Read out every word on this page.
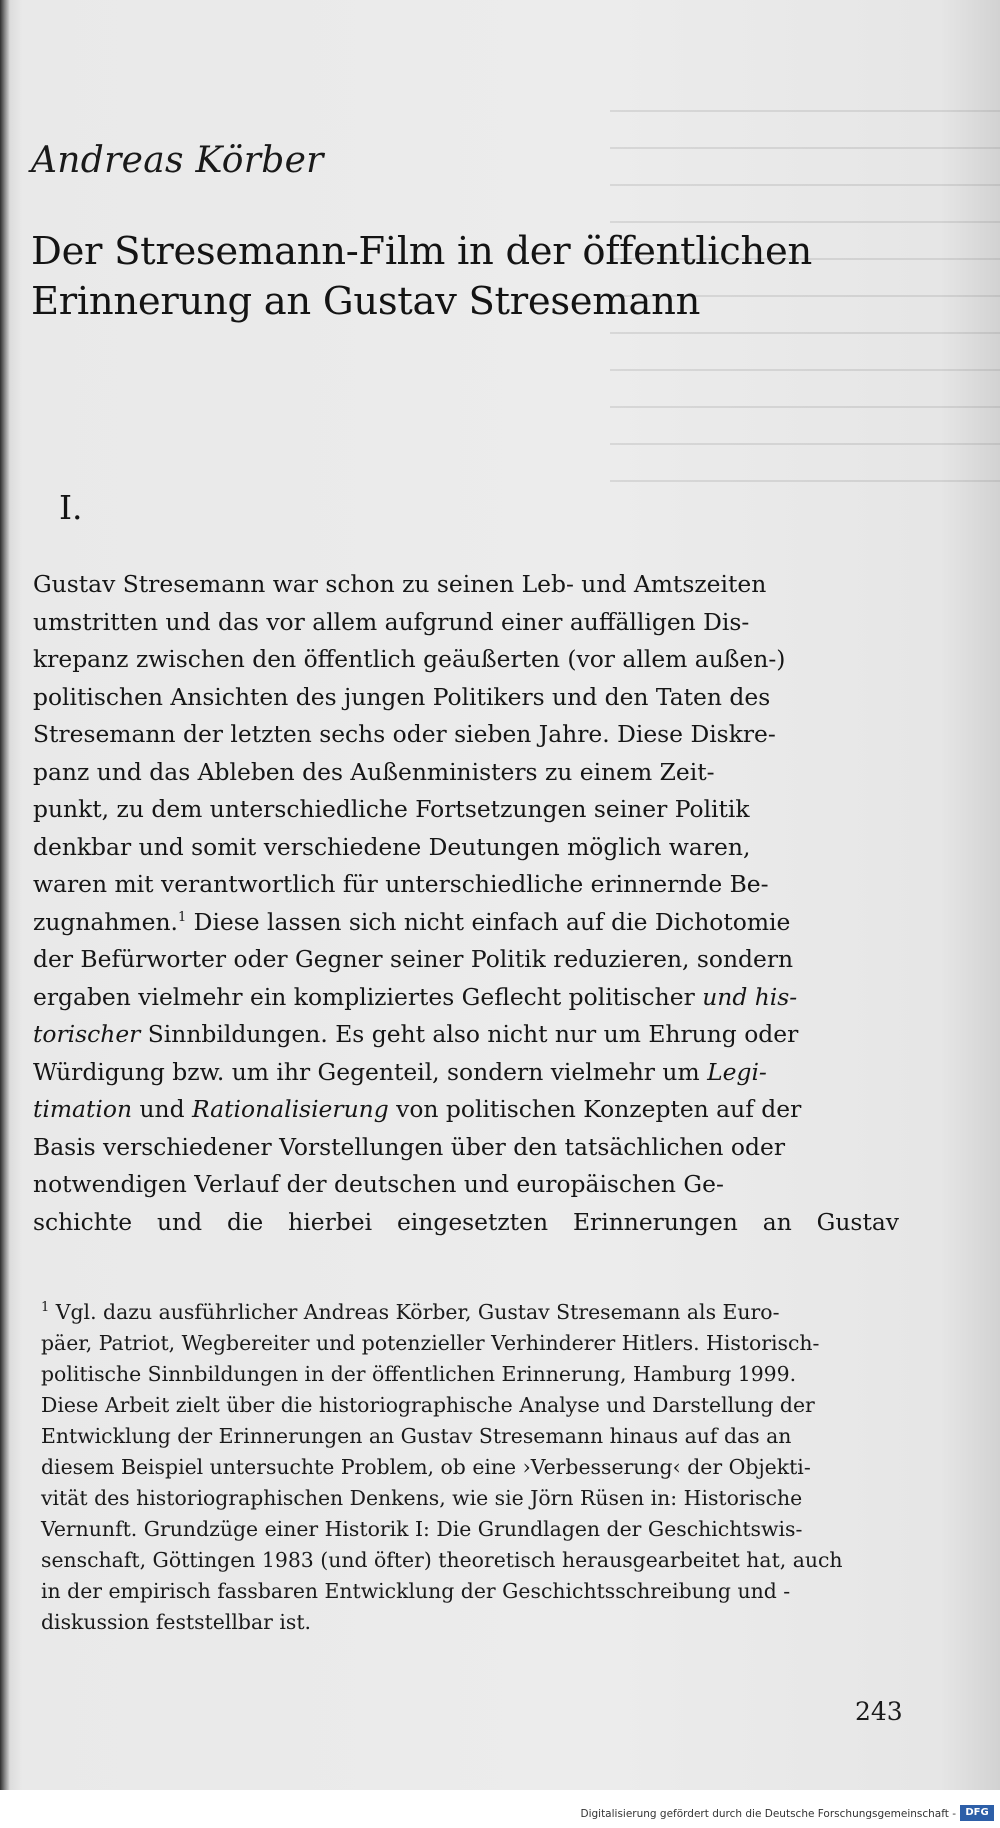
Andreas Körber

Der Stresemann-Film in der öffentlichen
Erinnerung an Gustav Stresemann

I.

Gustav Stresemann war schon zu seinen Leb- und Amtszeiten
umstritten und das vor allem aufgrund einer auffälligen Dis-
krepanz zwischen den öffentlich geäußerten (vor allem außen-)
politischen Ansichten des jungen Politikers und den Taten des
Stresemann der letzten sechs oder sieben Jahre. Diese Diskre-
panz und das Ableben des Außenministers zu einem Zeit-
punkt, zu dem unterschiedliche Fortsetzungen seiner Politik
denkbar und somit verschiedene Deutungen möglich waren,
waren mit verantwortlich für unterschiedliche erinnernde Be-
zugnahmen.$^1$ Diese lassen sich nicht einfach auf die Dichotomie
der Befürworter oder Gegner seiner Politik reduzieren, sondern
ergaben vielmehr ein kompliziertes Geflecht politischer und his-
torischer Sinnbildungen. Es geht also nicht nur um Ehrung oder
Würdigung bzw. um ihr Gegenteil, sondern vielmehr um Legi-
timation und Rationalisierung von politischen Konzepten auf der
Basis verschiedener Vorstellungen über den tatsächlichen oder
notwendigen Verlauf der deutschen und europäischen Ge-
schichte und die hierbei eingesetzten Erinnerungen an Gustav
$^1$ Vgl. dazu ausführlicher Andreas Körber, Gustav Stresemann als Euro-
päer, Patriot, Wegbereiter und potenzieller Verhinderer Hitlers. Historisch-
politische Sinnbildungen in der öffentlichen Erinnerung, Hamburg 1999.
Diese Arbeit zielt über die historiographische Analyse und Darstellung der
Entwicklung der Erinnerungen an Gustav Stresemann hinaus auf das an
diesem Beispiel untersuchte Problem, ob eine ›Verbesserung‹ der Objekti-
vität des historiographischen Denkens, wie sie Jörn Rüsen in: Historische
Vernunft. Grundzüge einer Historik I: Die Grundlagen der Geschichtswis-
senschaft, Göttingen 1983 (und öfter) theoretisch herausgearbeitet hat, auch
in der empirisch fassbaren Entwicklung der Geschichtsschreibung und -
diskussion feststellbar ist.

243

Digitalisierung gefördert durch die Deutsche Forschungsgemeinschaft - DFG
